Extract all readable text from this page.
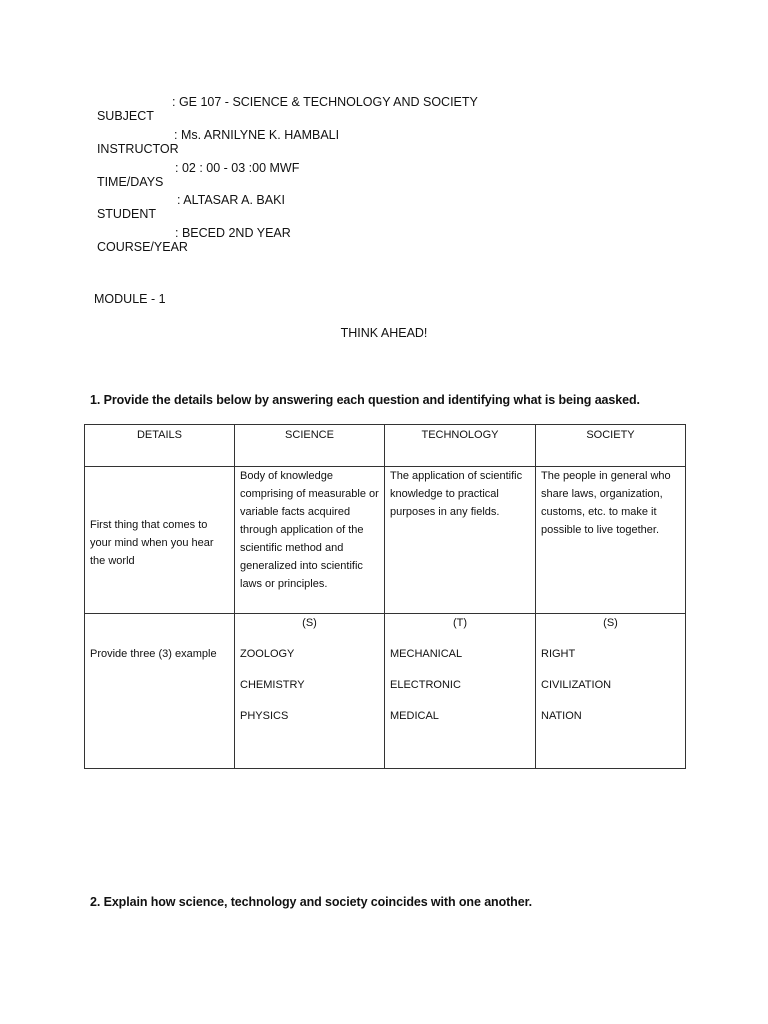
SUBJECT

: GE 107 - SCIENCE & TECHNOLOGY AND SOCIETY

INSTRUCTOR

: Ms. ARNILYNE K. HAMBALI

TIME/DAYS

: 02 : 00 - 03 :00 MWF

STUDENT

: ALTASAR A. BAKI

COURSE/YEAR

: BECED 2ND YEAR

MODULE - 1
THINK AHEAD!
1. Provide the details below by answering each question and identifying what is being aasked.
DETAILS	SCIENCE	TECHNOLOGY	SOCIETY
First thing that comes to your mind when you hear the world	Body of knowledge comprising of measurable or variable facts acquired through application of the scientific method and generalized into scientific laws or principles.	The application of scientific knowledge to practical purposes in any fields.	The people in general who share laws, organization, customs, etc. to make it possible to live together.

Provide three (3) example	(S)
ZOOLOGY
CHEMISTRY
PHYSICS	(T)
MECHANICAL
ELECTRONIC
MEDICAL	(S)
RIGHT
CIVILIZATION
NATION
2. Explain how science, technology and society coincides with one another.
